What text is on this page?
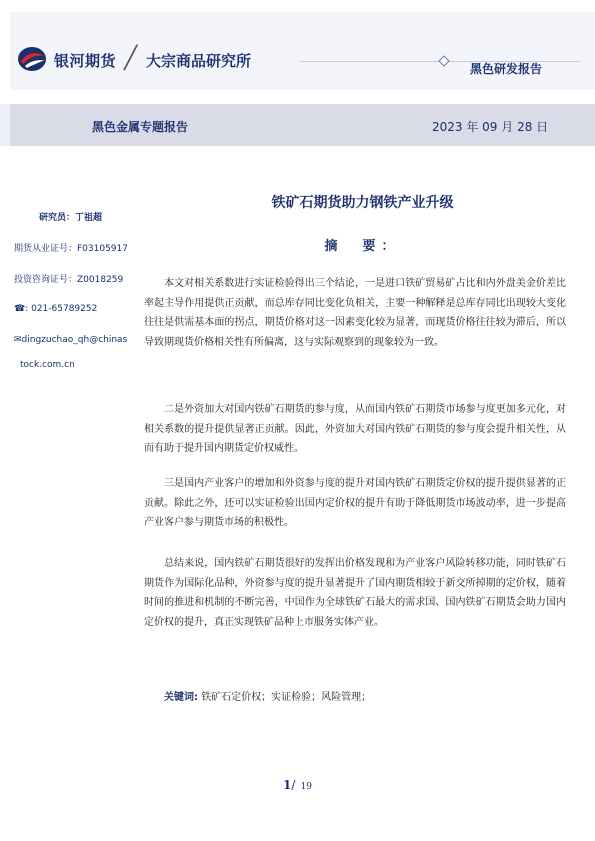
银河期货 ╱ 大宗商品研究所	黑色研发报告
黑色金属专题报告	2023 年 09 月 28 日
研究员：丁祖超
期货从业证号：F03105917
投资咨询证号：Z0018259
☎: 021-65789252
✉dingzuchao_qh@chinas
tock.com.cn
铁矿石期货助力钢铁产业升级
摘　要：
本文对相关系数进行实证检验得出三个结论，一是进口铁矿贸易矿占比和内外盘美金价差比率起主导作用提供正贡献，而总库存同比变化负相关，主要一种解释是总库存同比出现较大变化往往是供需基本面的拐点，期货价格对这一因素变化较为显著，而现货价格往往较为滞后，所以导致期现货价格相关性有所偏离，这与实际观察到的现象较为一致。
二是外资加大对国内铁矿石期货的参与度，从而国内铁矿石期货市场参与度更加多元化，对相关系数的提升提供显著正贡献。因此，外资加大对国内铁矿石期货的参与度会提升相关性，从而有助于提升国内期货定价权威性。
三是国内产业客户的增加和外资参与度的提升对国内铁矿石期货定价权的提升提供显著的正贡献。除此之外，还可以实证检验出国内定价权的提升有助于降低期货市场波动率，进一步提高产业客户参与期货市场的积极性。
总结来说，国内铁矿石期货很好的发挥出价格发现和为产业客户风险转移功能，同时铁矿石期货作为国际化品种，外资参与度的提升显著提升了国内期货相较于新交所掉期的定价权，随着时间的推进和机制的不断完善，中国作为全球铁矿石最大的需求国、国内铁矿石期货会助力国内定价权的提升，真正实现铁矿品种上市服务实体产业。
关键词: 铁矿石定价权；实证检验；风险管理；
1/ 19
